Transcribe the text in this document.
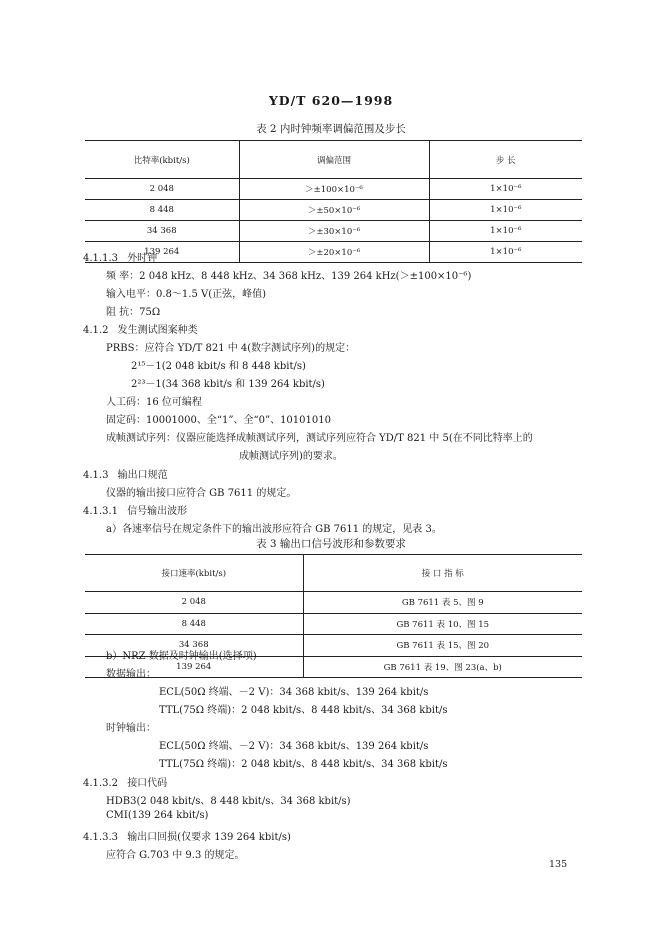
YD/T 620—1998
表 2 内时钟频率调偏范围及步长
比特率(kbit/s)	调偏范围	步 长
2 048	＞±100×10⁻⁶	1×10⁻⁶
8 448	＞±50×10⁻⁶	1×10⁻⁶
34 368	＞±30×10⁻⁶	1×10⁻⁶
139 264	＞±20×10⁻⁶	1×10⁻⁶
4.1.1.3 外时钟
频 率：2 048 kHz、8 448 kHz、34 368 kHz、139 264 kHz(＞±100×10⁻⁶)
输入电平：0.8～1.5 V(正弦，峰值)
阻 抗：75Ω
4.1.2 发生测试图案种类
PRBS：应符合 YD/T 821 中 4(数字测试序列)的规定：
2¹⁵－1(2 048 kbit/s 和 8 448 kbit/s)
2²³－1(34 368 kbit/s 和 139 264 kbit/s)
人工码：16 位可编程
固定码：10001000、全“1”、全“0”、10101010
成帧测试序列：仪器应能选择成帧测试序列，测试序列应符合 YD/T 821 中 5(在不同比特率上的
成帧测试序列)的要求。
4.1.3 输出口规范
仪器的输出接口应符合 GB 7611 的规定。
4.1.3.1 信号输出波形
a）各速率信号在规定条件下的输出波形应符合 GB 7611 的规定，见表 3。
表 3 输出口信号波形和参数要求
接口速率(kbit/s)	接 口 指 标
2 048	GB 7611 表 5、图 9
8 448	GB 7611 表 10、图 15
34 368	GB 7611 表 15、图 20
139 264	GB 7611 表 19、图 23(a、b)
b）NRZ 数据及时钟输出(选择项)
数据输出：
ECL(50Ω 终端、－2 V)：34 368 kbit/s、139 264 kbit/s
TTL(75Ω 终端)：2 048 kbit/s、8 448 kbit/s、34 368 kbit/s
时钟输出：
ECL(50Ω 终端、－2 V)：34 368 kbit/s、139 264 kbit/s
TTL(75Ω 终端)：2 048 kbit/s、8 448 kbit/s、34 368 kbit/s
4.1.3.2 接口代码
HDB3(2 048 kbit/s、8 448 kbit/s、34 368 kbit/s)
CMI(139 264 kbit/s)
4.1.3.3 输出口回损(仅要求 139 264 kbit/s)
应符合 G.703 中 9.3 的规定。
135
